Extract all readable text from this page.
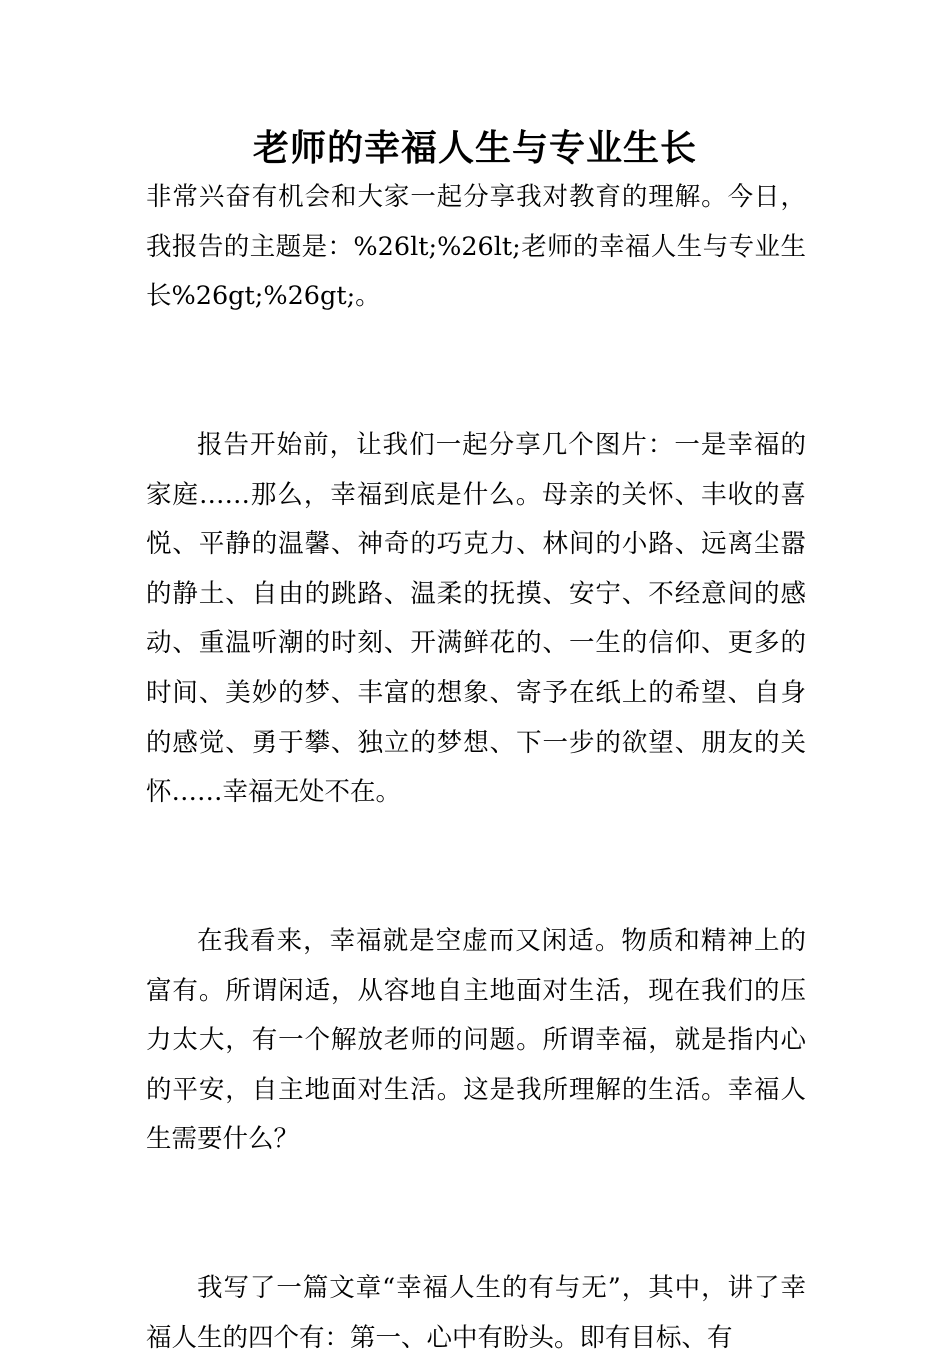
老师的幸福人生与专业生长

非常兴奋有机会和大家一起分享我对教育的理解。今日，我报告的主题是：%26lt;%26lt;老师的幸福人生与专业生长%26gt;%26gt;。

报告开始前，让我们一起分享几个图片：一是幸福的家庭……那么，幸福到底是什么。母亲的关怀、丰收的喜悦、平静的温馨、神奇的巧克力、林间的小路、远离尘嚣的静土、自由的跳路、温柔的抚摸、安宁、不经意间的感动、重温听潮的时刻、开满鲜花的、一生的信仰、更多的时间、美妙的梦、丰富的想象、寄予在纸上的希望、自身的感觉、勇于攀、独立的梦想、下一步的欲望、朋友的关怀……幸福无处不在。

在我看来，幸福就是空虚而又闲适。物质和精神上的富有。所谓闲适，从容地自主地面对生活，现在我们的压力太大，有一个解放老师的问题。所谓幸福，就是指内心的平安，自主地面对生活。这是我所理解的生活。幸福人生需要什么？

我写了一篇文章“幸福人生的有与无”，其中，讲了幸福人生的四个有：第一、心中有盼头。即有目标、有
